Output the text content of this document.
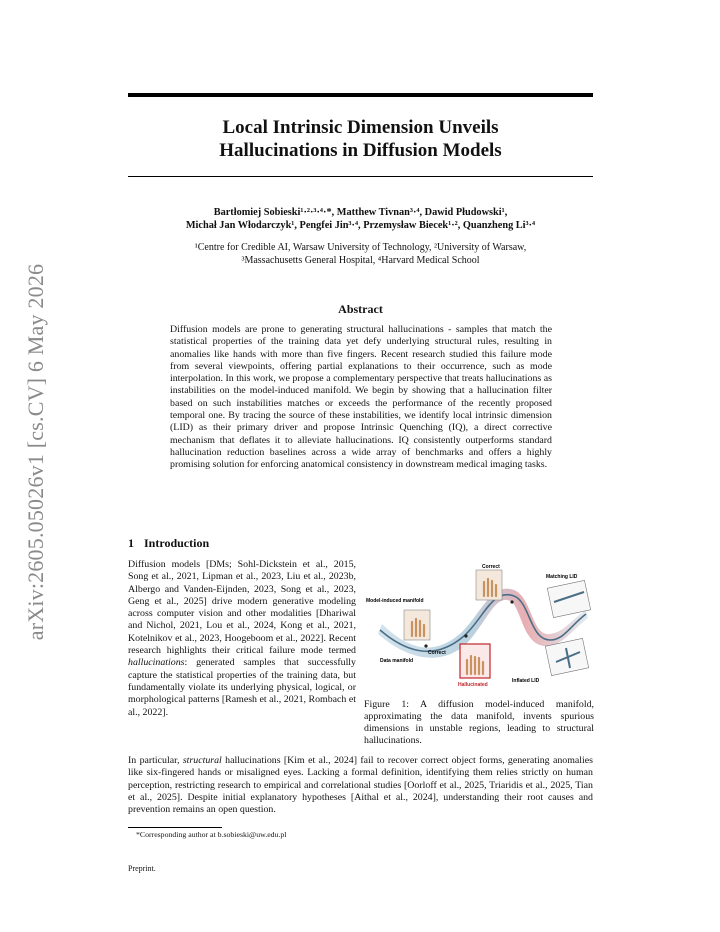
arXiv:2605.05026v1 [cs.CV] 6 May 2026
Local Intrinsic Dimension Unveils
Hallucinations in Diffusion Models
Bartłomiej Sobieski¹·²·³·⁴·*, Matthew Tivnan³·⁴, Dawid Płudowski¹,
Michał Jan Włodarczyk¹, Pengfei Jin³·⁴, Przemysław Biecek¹·², Quanzheng Li³·⁴
¹Centre for Credible AI, Warsaw University of Technology, ²University of Warsaw,
³Massachusetts General Hospital, ⁴Harvard Medical School
Abstract
Diffusion models are prone to generating structural hallucinations - samples that match the statistical properties of the training data yet defy underlying structural rules, resulting in anomalies like hands with more than five fingers. Recent research studied this failure mode from several viewpoints, offering partial explanations to their occurrence, such as mode interpolation. In this work, we propose a complementary perspective that treats hallucinations as instabilities on the model-induced manifold. We begin by showing that a hallucination filter based on such instabilities matches or exceeds the performance of the recently proposed temporal one. By tracing the source of these instabilities, we identify local intrinsic dimension (LID) as their primary driver and propose Intrinsic Quenching (IQ), a direct corrective mechanism that deflates it to alleviate hallucinations. IQ consistently outperforms standard hallucination reduction baselines across a wide array of benchmarks and offers a highly promising solution for enforcing anatomical consistency in downstream medical imaging tasks.
1 Introduction
Diffusion models [DMs; Sohl-Dickstein et al., 2015, Song et al., 2021, Lipman et al., 2023, Liu et al., 2023b, Albergo and Vanden-Eijnden, 2023, Song et al., 2023, Geng et al., 2025] drive modern generative modeling across computer vision and other modalities [Dhariwal and Nichol, 2021, Lou et al., 2024, Kong et al., 2021, Kotelnikov et al., 2023, Hoogeboom et al., 2022]. Recent research highlights their critical failure mode termed hallucinations: generated samples that successfully capture the statistical properties of the training data, but fundamentally violate its underlying physical, logical, or morphological patterns [Ramesh et al., 2021, Rombach et al., 2022].
Model-induced manifold
Data manifold
Correct
Correct
Matching LID
Hallucinated
Inflated LID
Figure 1: A diffusion model-induced manifold, approximating the data manifold, invents spurious dimensions in unstable regions, leading to structural hallucinations.
In particular, structural hallucinations [Kim et al., 2024] fail to recover correct object forms, generating anomalies like six-fingered hands or misaligned eyes. Lacking a formal definition, identifying them relies strictly on human perception, restricting research to empirical and correlational studies [Oorloff et al., 2025, Triaridis et al., 2025, Tian et al., 2025]. Despite initial explanatory hypotheses [Aithal et al., 2024], understanding their root causes and prevention remains an open question.
*Corresponding author at b.sobieski@uw.edu.pl
Preprint.
